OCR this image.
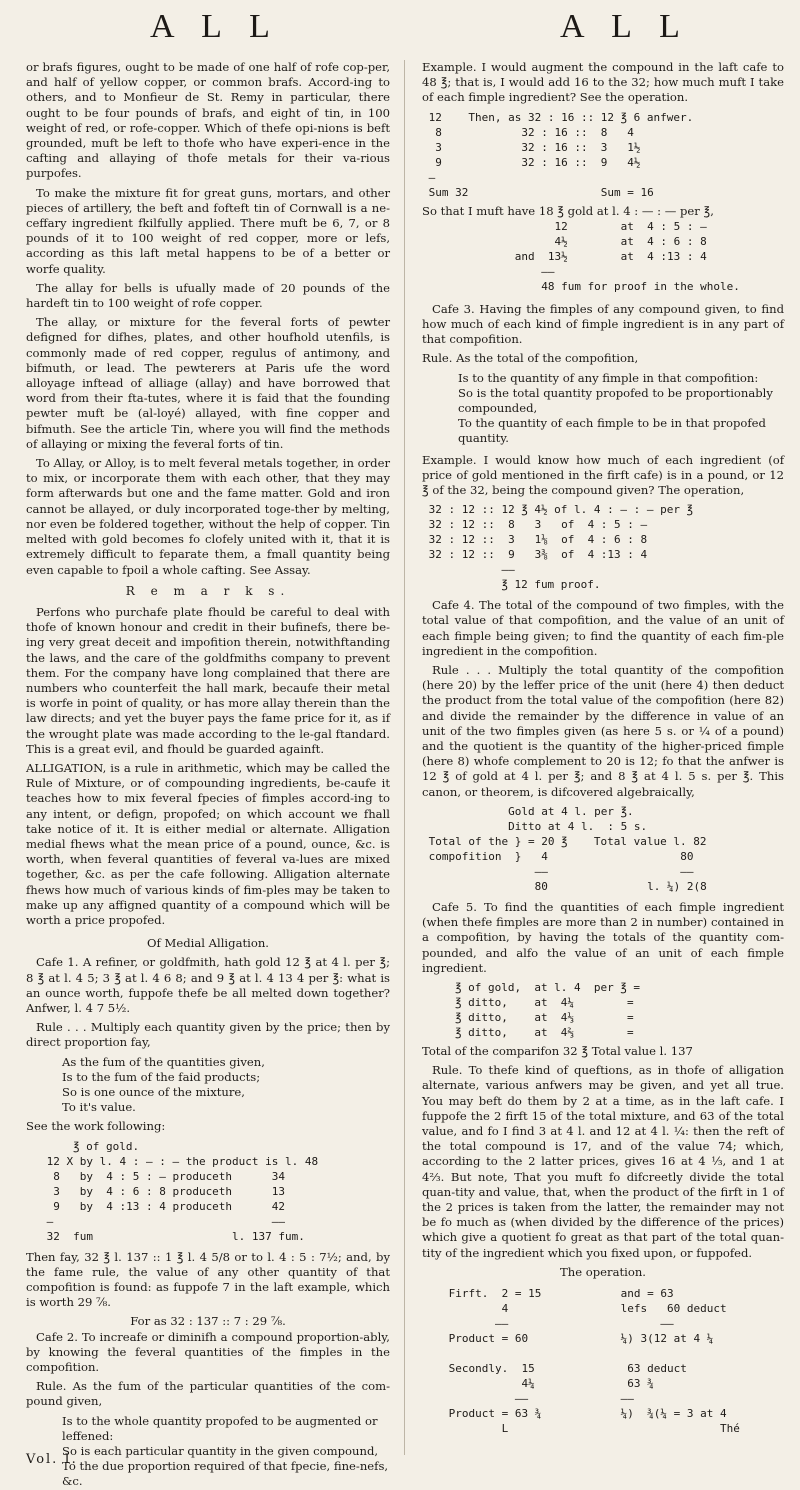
A L L	A L L

or brafs figures, ought to be made of one half of rofe cop-per, and half of yellow copper, or common brafs. Accord-ing to others, and to Monfieur de St. Remy in particular, there ought to be four pounds of brafs, and eight of tin, in 100 weight of red, or rofe-copper. Which of thefe opi-nions is beft grounded, muft be left to thofe who have experi-ence in the cafting and allaying of thofe metals for their va-rious purpofes.

To make the mixture fit for great guns, mortars, and other pieces of artillery, the beft and fofteft tin of Cornwall is a ne-ceffary ingredient fkilfully applied. There muft be 6, 7, or 8 pounds of it to 100 weight of red copper, more or lefs, according as this laft metal happens to be of a better or worfe quality.

The allay for bells is ufually made of 20 pounds of the hardeft tin to 100 weight of rofe copper.

The allay, or mixture for the feveral forts of pewter defigned for difhes, plates, and other houfhold utenfils, is commonly made of red copper, regulus of antimony, and bifmuth, or lead. The pewterers at Paris ufe the word alloyage inftead of alliage (allay) and have borrowed that word from their fta-tutes, where it is faid that the founding pewter muft be (al-loyé) allayed, with fine copper and bifmuth. See the article Tin, where you will find the methods of allaying or mixing the feveral forts of tin.

To Allay, or Alloy, is to melt feveral metals together, in order to mix, or incorporate them with each other, that they may form afterwards but one and the fame matter. Gold and iron cannot be allayed, or duly incorporated toge-ther by melting, nor even be foldered together, without the help of copper. Tin melted with gold becomes fo clofely united with it, that it is extremely difficult to feparate them, a fmall quantity being even capable to fpoil a whole cafting. See Assay.

R e m a r k s.

Perfons who purchafe plate fhould be careful to deal with thofe of known honour and credit in their bufinefs, there be-ing very great deceit and impofition therein, notwithftanding the laws, and the care of the goldfmiths company to prevent them. For the company have long complained that there are numbers who counterfeit the hall mark, becaufe their metal is worfe in point of quality, or has more allay therein than the law directs; and yet the buyer pays the fame price for it, as if the wrought plate was made according to the le-gal ftandard. This is a great evil, and fhould be guarded againft.

ALLIGATION, is a rule in arithmetic, which may be called the Rule of Mixture, or of compounding ingredients, be-caufe it teaches how to mix feveral fpecies of fimples accord-ing to any intent, or defign, propofed; on which account we fhall take notice of it. It is either medial or alternate. Alligation medial fhews what the mean price of a pound, ounce, &c. is worth, when feveral quantities of feveral va-lues are mixed together, &c. as per the cafe following. Alligation alternate fhews how much of various kinds of fim-ples may be taken to make up any affigned quantity of a compound which will be worth a price propofed.

Of Medial Alligation.

Cafe 1. A refiner, or goldfmith, hath gold 12 ℥ at 4 l. per ℥; 8 ℥ at l. 4 5; 3 ℥ at l. 4 6 8; and 9 ℥ at l. 4 13 4 per ℥: what is an ounce worth, fuppofe thefe be all melted down together? Anfwer, l. 4 7 5½.

Rule . . . Multiply each quantity given by the price; then by direct proportion fay,

As the fum of the quantities given,
Is to the fum of the faid products;
So is one ounce of the mixture,
To it's value.

See the work following:

℥ of gold.
12 X by l. 4 : — : — the product is l. 48
8   by  4 : 5 : — produceth      34
3   by  4 : 6 : 8 produceth      13
9   by  4 :13 : 4 produceth      42
—                                 ——
32  fum                     l. 137 fum.

Then fay, 32 ℥ l. 137 :: 1 ℥ l. 4 5/8 or to l. 4 : 5 : 7½; and, by the fame rule, the value of any other quantity of that compofition is found: as fuppofe 7 in the laft example, which is worth 29 ⅞.

For as 32 : 137 :: 7 : 29 ⅞.

Cafe 2. To increafe or diminifh a compound proportion-ably, by knowing the feveral quantities of the fimples in the compofition.

Rule. As the fum of the particular quantities of the com-pound given,

Is to the whole quantity propofed to be augmented or leffened:
So is each particular quantity in the given compound,
To the due proportion required of that fpecie, fine-nefs, &c.
Vol. I.

Example. I would augment the compound in the laft cafe to 48 ℥; that is, I would add 16 to the 32; how much muft I take of each fimple ingredient? See the operation.

12    Then, as 32 : 16 :: 12 ℥ 6 anfwer.
8            32 : 16 ::  8   4
3            32 : 16 ::  3   1½
9            32 : 16 ::  9   4½
—
Sum 32                    Sum = 16

So that I muft have 18 ℥ gold at l. 4 : — : — per ℥,

12        at  4 : 5 : —
4½        at  4 : 6 : 8
and  13½        at  4 :13 : 4
——
48 fum for proof in the whole.

Cafe 3. Having the fimples of any compound given, to find how much of each kind of fimple ingredient is in any part of that compofition.

Rule. As the total of the compofition,

Is to the quantity of any fimple in that compofition:
So is the total quantity propofed to be proportionably compounded,
To the quantity of each fimple to be in that propofed quantity.

Example. I would know how much of each ingredient (of price of gold mentioned in the firft cafe) is in a pound, or 12 ℥ of the 32, being the compound given? The operation,

32 : 12 :: 12 ℥ 4½ of l. 4 : — : — per ℥
32 : 12 ::  8   3   of  4 : 5 : —
32 : 12 ::  3   1⅛  of  4 : 6 : 8
32 : 12 ::  9   3⅜  of  4 :13 : 4
——
℥ 12 fum proof.

Cafe 4. The total of the compound of two fimples, with the total value of that compofition, and the value of an unit of each fimple being given; to find the quantity of each fim-ple ingredient in the compofition.

Rule . . . Multiply the total quantity of the compofition (here 20) by the leffer price of the unit (here 4) then deduct the product from the total value of the compofition (here 82) and divide the remainder by the difference in value of an unit of the two fimples given (as here 5 s. or ¼ of a pound) and the quotient is the quantity of the higher-priced fimple (here 8) whofe complement to 20 is 12; fo that the anfwer is 12 ℥ of gold at 4 l. per ℥; and 8 ℥ at 4 l. 5 s. per ℥. This canon, or theorem, is difcovered algebraically,

Gold at 4 l. per ℥.
Ditto at 4 l.  : 5 s.
Total of the } = 20 ℥    Total value l. 82
compofition  }   4                    80
——                    ——
80               l. ¼) 2(8

Cafe 5. To find the quantities of each fimple ingredient (when thefe fimples are more than 2 in number) contained in a compofition, by having the totals of the quantity com-pounded, and alfo the value of an unit of each fimple ingredient.

℥ of gold,  at l. 4  per ℥ =
℥ ditto,    at  4¼        =
℥ ditto,    at  4⅓        =
℥ ditto,    at  4⅔        =

Total of the comparifon 32 ℥ Total value l. 137

Rule. To thefe kind of queftions, as in thofe of alligation alternate, various anfwers may be given, and yet all true. You may beft do them by 2 at a time, as in the laft cafe. I fuppofe the 2 firft 15 of the total mixture, and 63 of the total value, and fo I find 3 at 4 l. and 12 at 4 l. ¼: then the reft of the total compound is 17, and of the value 74; which, according to the 2 latter prices, gives 16 at 4 ⅓, and 1 at 4⅔. But note, That you muft fo difcreetly divide the total quan-tity and value, that, when the product of the firft in 1 of the 2 prices is taken from the latter, the remainder may not be fo much as (when divided by the difference of the prices) which give a quotient fo great as that part of the total quan-tity of the ingredient which you fixed upon, or fuppofed.

The operation.
Firft.  2 = 15
4
——
Product = 60

Secondly.  15
4¼
——
Product = 63 ¾
L
and = 63
lefs   60 deduct
——
¼) 3(12 at 4 ¼

63 deduct
63 ¾
——
¼)  ¾(¼ = 3 at 4
Thé
